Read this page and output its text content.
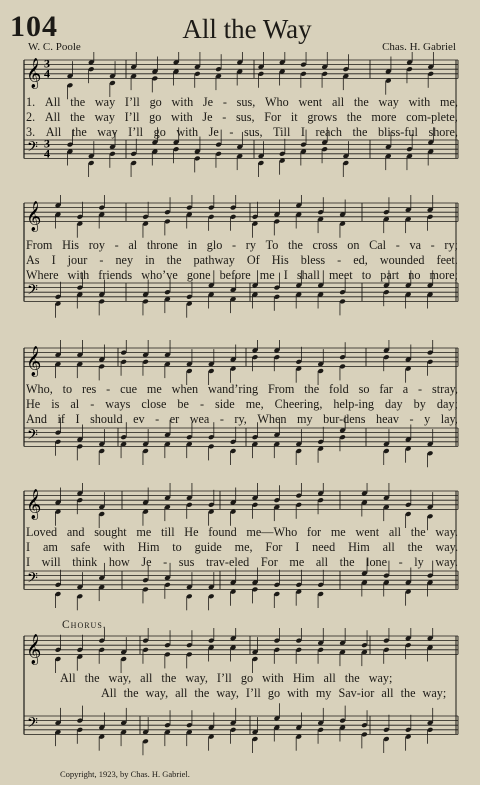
104	All the Way
W. C. Poole	Chas. H. Gabriel
𝄞 3
4
𝄢 3
4
1. All the way I’ll go with Je - sus, Who went all the way with me,
2. All the way I’ll go with Je - sus, For it grows the more com-plete,
3. All the way I’ll go with Je - sus, Till I reach the bliss-ful shore,
𝄞
𝄢
From His roy - al throne in glo - ry To the cross on Cal - va - ry;
As I jour - ney in the pathway Of His bless - ed, wounded feet.
Where with friends who’ve gone before me I shall meet to part no more;
𝄞
𝄢
Who, to res - cue me when wand’ring From the fold so far a - stray,
He is al - ways close be - side me, Cheering, help-ing day by day;
And if I should ev - er wea - ry, When my bur-dens heav - y lay,
𝄞
𝄢
Loved and sought me till He found me—Who for me went all the way.
I am safe with Him to guide me, For I need Him all the way.
I will think how Je - sus trav-eled For me all the lone - ly way.
Chorus.
𝄞
𝄢
All the way, all the way, I’ll go with Him all the way;
All the way, all the way, I’ll go with my Sav-ior all the way;
Copyright, 1923, by Chas. H. Gabriel.
